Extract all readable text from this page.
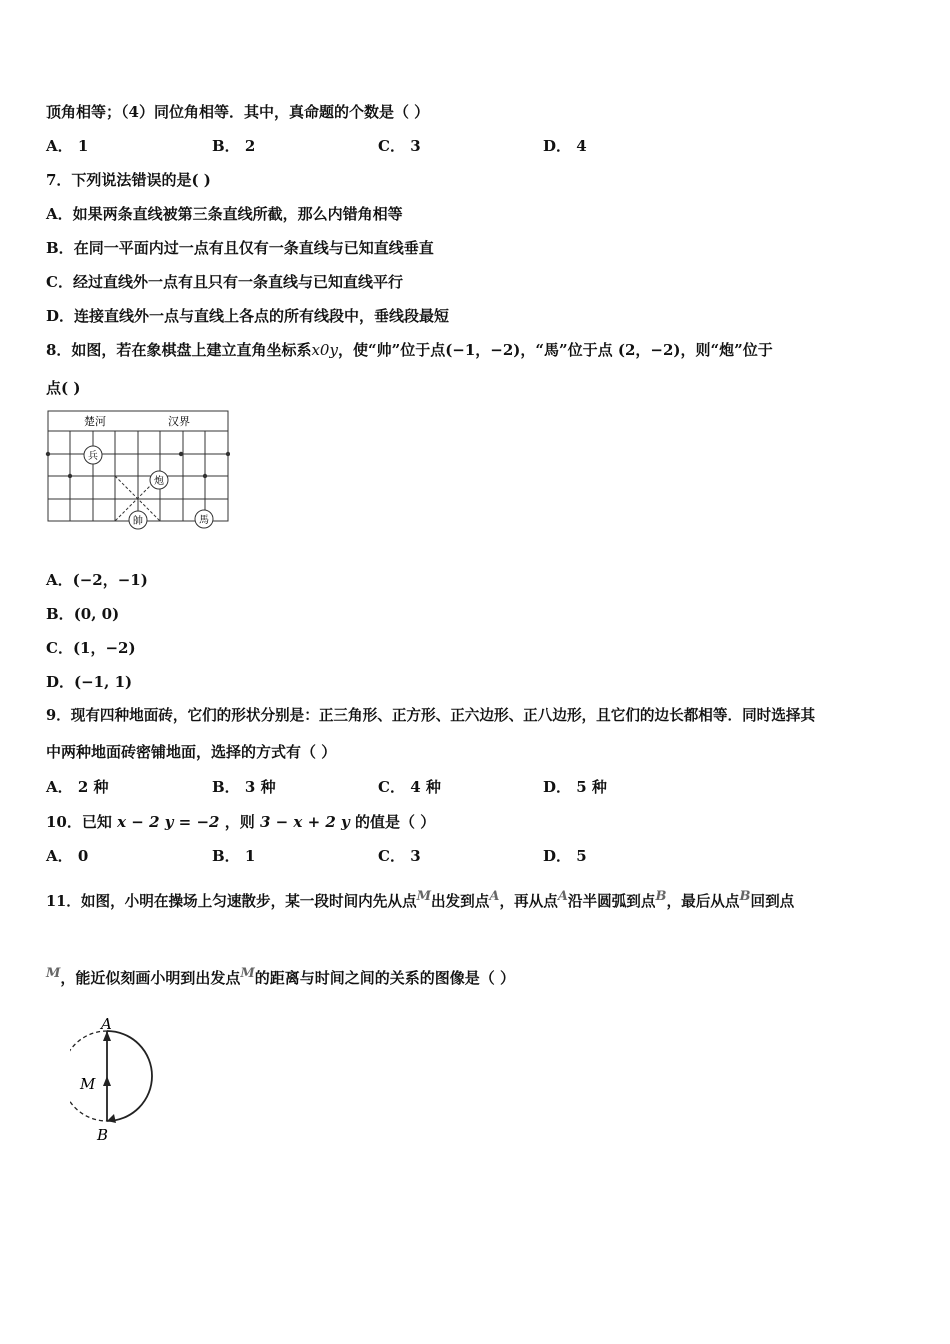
顶角相等；（4）同位角相等．其中，真命题的个数是（ ）
A． 1	B． 2	C． 3	D． 4
7．下列说法错误的是( )
A．如果两条直线被第三条直线所截，那么内错角相等
B．在同一平面内过一点有且仅有一条直线与已知直线垂直
C．经过直线外一点有且只有一条直线与已知直线平行
D．连接直线外一点与直线上各点的所有线段中，垂线段最短
8．如图，若在象棋盘上建立直角坐标系x0y，使“帅”位于点(−1，−2)，“馬”位于点 (2，−2)，则“炮”位于
点( )
楚河	汉界
兵
炮
帥	馬
A．(−2，−1)
B．(0, 0)
C．(1，−2)
D．(−1, 1)
9．现有四种地面砖，它们的形状分别是：正三角形、正方形、正六边形、正八边形，且它们的边长都相等．同时选择其
中两种地面砖密铺地面，选择的方式有（ ）
A． 2 种	B． 3 种	C． 4 种	D． 5 种
10．已知 x − 2 y = −2 ，则 3 − x + 2 y 的值是（ ）
A． 0	B． 1	C． 3	D． 5
11．如图，小明在操场上匀速散步，某一段时间内先从点M出发到点A，再从点A沿半圆弧到点B，最后从点B回到点
M，能近似刻画小明到出发点M的距离与时间之间的关系的图像是（ ）
A
M
B
